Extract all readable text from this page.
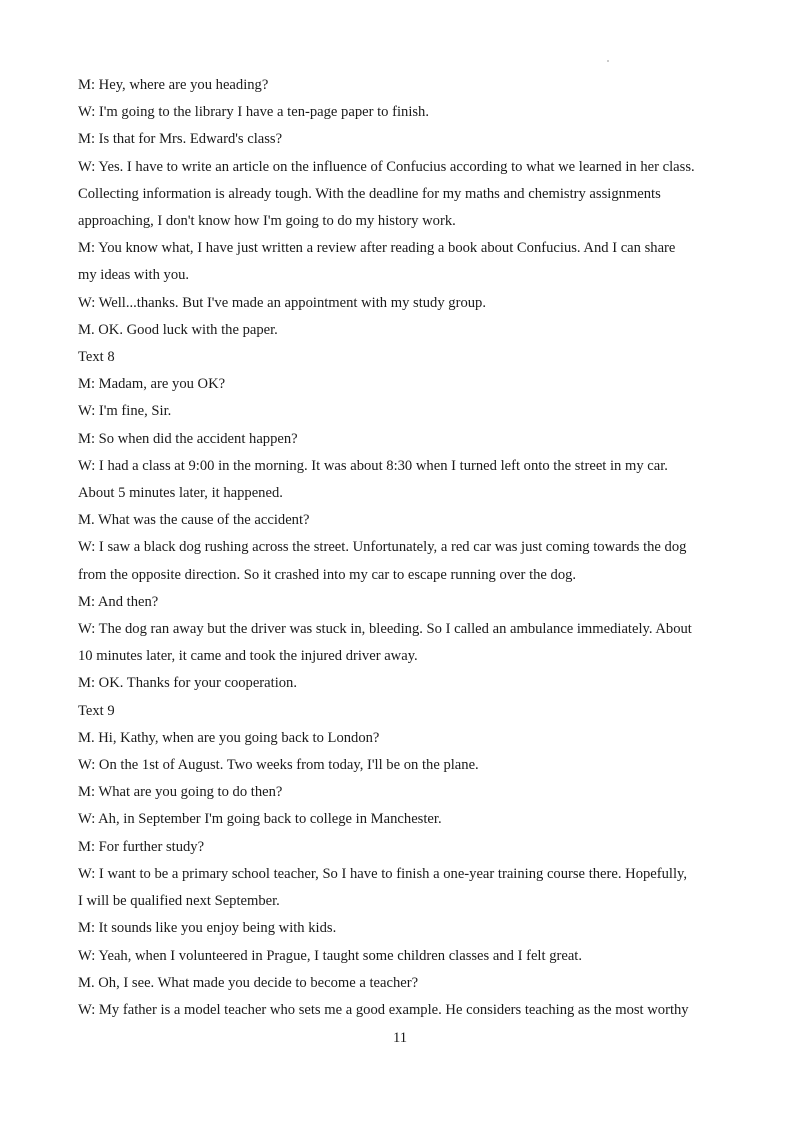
M: Hey, where are you heading?
W: I'm going to the library I have a ten-page paper to finish.
M: Is that for Mrs. Edward's class?
W: Yes. I have to write an article on the influence of Confucius according to what we learned in her class.
Collecting information is already tough. With the deadline for my maths and chemistry assignments
approaching, I don't know how I'm going to do my history work.
M: You know what, I have just written a review after reading a book about Confucius. And I can share
my ideas with you.
W: Well...thanks. But I've made an appointment with my study group.
M. OK. Good luck with the paper.
Text 8
M: Madam, are you OK?
W: I'm fine, Sir.
M: So when did the accident happen?
W: I had a class at 9:00 in the morning. It was about 8:30 when I turned left onto the street in my car.
About 5 minutes later, it happened.
M. What was the cause of the accident?
W: I saw a black dog rushing across the street. Unfortunately, a red car was just coming towards the dog
from the opposite direction. So it crashed into my car to escape running over the dog.
M: And then?
W: The dog ran away but the driver was stuck in, bleeding. So I called an ambulance immediately. About
10 minutes later, it came and took the injured driver away.
M: OK. Thanks for your cooperation.
Text 9
M. Hi, Kathy, when are you going back to London?
W: On the 1st of August. Two weeks from today, I'll be on the plane.
M: What are you going to do then?
W: Ah, in September I'm going back to college in Manchester.
M: For further study?
W: I want to be a primary school teacher, So I have to finish a one-year training course there. Hopefully,
I will be qualified next September.
M: It sounds like you enjoy being with kids.
W: Yeah, when I volunteered in Prague, I taught some children classes and I felt great.
M. Oh, I see. What made you decide to become a teacher?
W: My father is a model teacher who sets me a good example. He considers teaching as the most worthy
11
